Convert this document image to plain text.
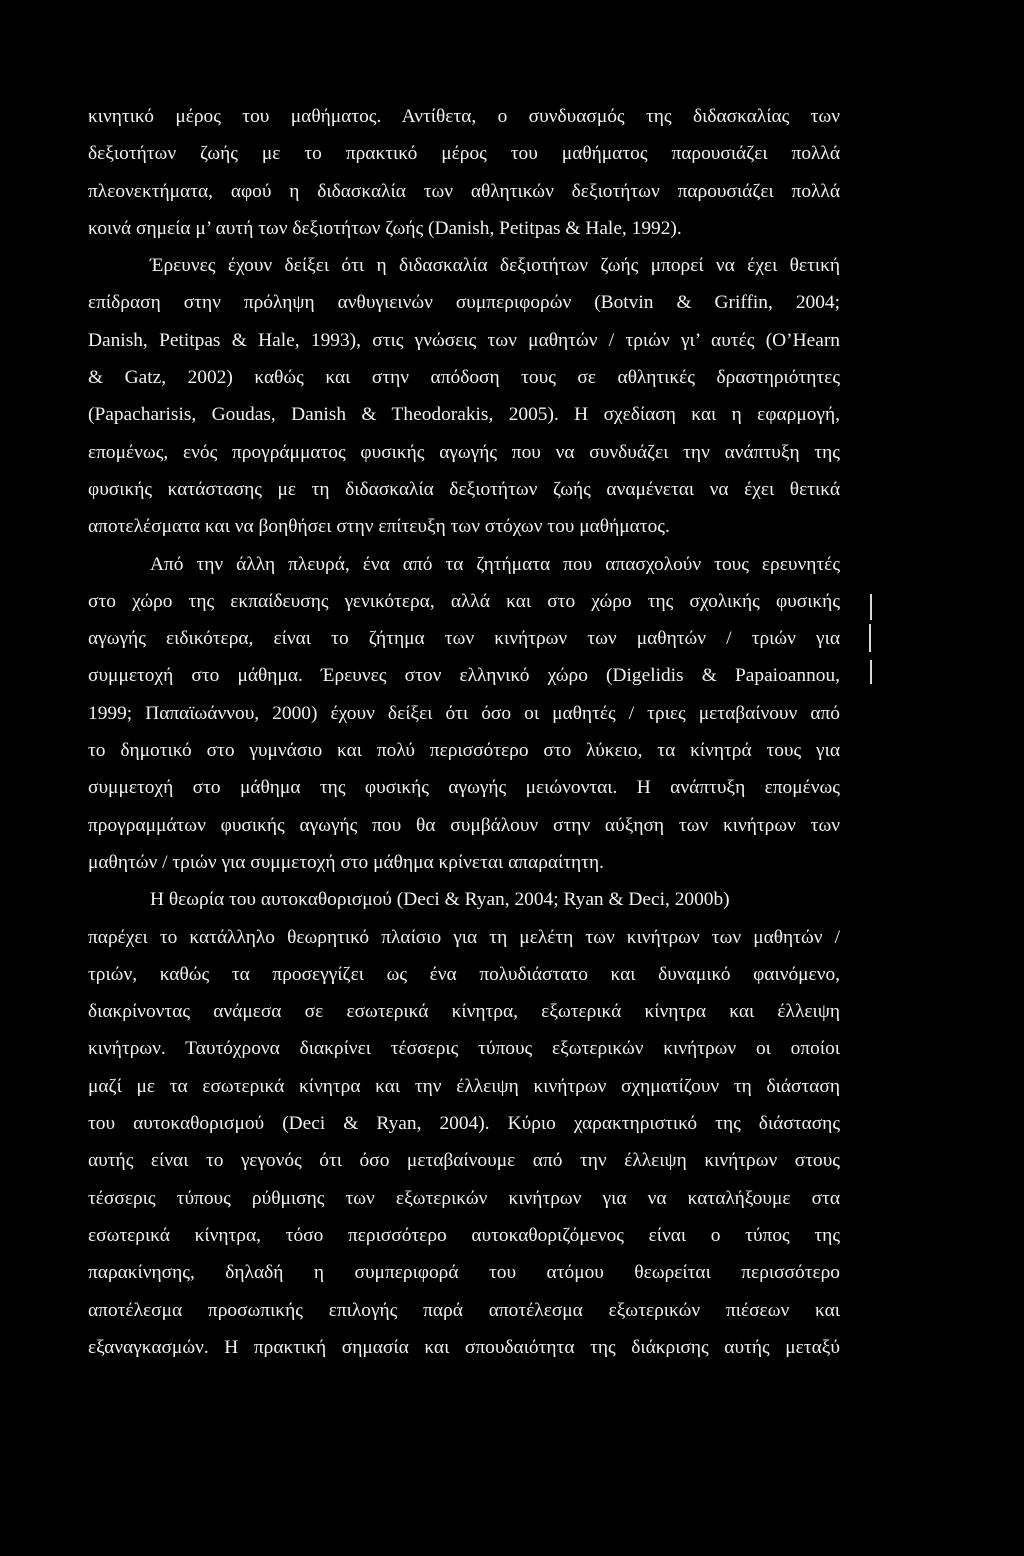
κινητικό μέρος του μαθήματος. Αντίθετα, ο συνδυασμός της διδασκαλίας των
δεξιοτήτων ζωής με το πρακτικό μέρος του μαθήματος παρουσιάζει πολλά
πλεονεκτήματα, αφού η διδασκαλία των αθλητικών δεξιοτήτων παρουσιάζει πολλά
κοινά σημεία μ’ αυτή των δεξιοτήτων ζωής (Danish, Petitpas & Hale, 1992).
Έρευνες έχουν δείξει ότι η διδασκαλία δεξιοτήτων ζωής μπορεί να έχει θετική
επίδραση στην πρόληψη ανθυγιεινών συμπεριφορών (Botvin & Griffin, 2004;
Danish, Petitpas & Hale, 1993), στις γνώσεις των μαθητών / τριών γι’ αυτές (O’Hearn
& Gatz, 2002) καθώς και στην απόδοση τους σε αθλητικές δραστηριότητες
(Papacharisis, Goudas, Danish & Theodorakis, 2005). Η σχεδίαση και η εφαρμογή,
επομένως, ενός προγράμματος φυσικής αγωγής που να συνδυάζει την ανάπτυξη της
φυσικής κατάστασης με τη διδασκαλία δεξιοτήτων ζωής αναμένεται να έχει θετικά
αποτελέσματα και να βοηθήσει στην επίτευξη των στόχων του μαθήματος.
Από την άλλη πλευρά, ένα από τα ζητήματα που απασχολούν τους ερευνητές
στο χώρο της εκπαίδευσης γενικότερα, αλλά και στο χώρο της σχολικής φυσικής
αγωγής ειδικότερα, είναι το ζήτημα των κινήτρων των μαθητών / τριών για
συμμετοχή στο μάθημα. Έρευνες στον ελληνικό χώρο (Digelidis & Papaioannou,
1999; Παπαϊωάννου, 2000) έχουν δείξει ότι όσο οι μαθητές / τριες μεταβαίνουν από
το δημοτικό στο γυμνάσιο και πολύ περισσότερο στο λύκειο, τα κίνητρά τους για
συμμετοχή στο μάθημα της φυσικής αγωγής μειώνονται. Η ανάπτυξη επομένως
προγραμμάτων φυσικής αγωγής που θα συμβάλουν στην αύξηση των κινήτρων των
μαθητών / τριών για συμμετοχή στο μάθημα κρίνεται απαραίτητη.
Η θεωρία του αυτοκαθορισμού (Deci & Ryan, 2004; Ryan & Deci, 2000b)
παρέχει το κατάλληλο θεωρητικό πλαίσιο για τη μελέτη των κινήτρων των μαθητών /
τριών, καθώς τα προσεγγίζει ως ένα πολυδιάστατο και δυναμικό φαινόμενο,
διακρίνοντας ανάμεσα σε εσωτερικά κίνητρα, εξωτερικά κίνητρα και έλλειψη
κινήτρων. Ταυτόχρονα διακρίνει τέσσερις τύπους εξωτερικών κινήτρων οι οποίοι
μαζί με τα εσωτερικά κίνητρα και την έλλειψη κινήτρων σχηματίζουν τη διάσταση
του αυτοκαθορισμού (Deci & Ryan, 2004). Κύριο χαρακτηριστικό της διάστασης
αυτής είναι το γεγονός ότι όσο μεταβαίνουμε από την έλλειψη κινήτρων στους
τέσσερις τύπους ρύθμισης των εξωτερικών κινήτρων για να καταλήξουμε στα
εσωτερικά κίνητρα, τόσο περισσότερο αυτοκαθοριζόμενος είναι ο τύπος της
παρακίνησης, δηλαδή η συμπεριφορά του ατόμου θεωρείται περισσότερο
αποτέλεσμα προσωπικής επιλογής παρά αποτέλεσμα εξωτερικών πιέσεων και
εξαναγκασμών. Η πρακτική σημασία και σπουδαιότητα της διάκρισης αυτής μεταξύ
